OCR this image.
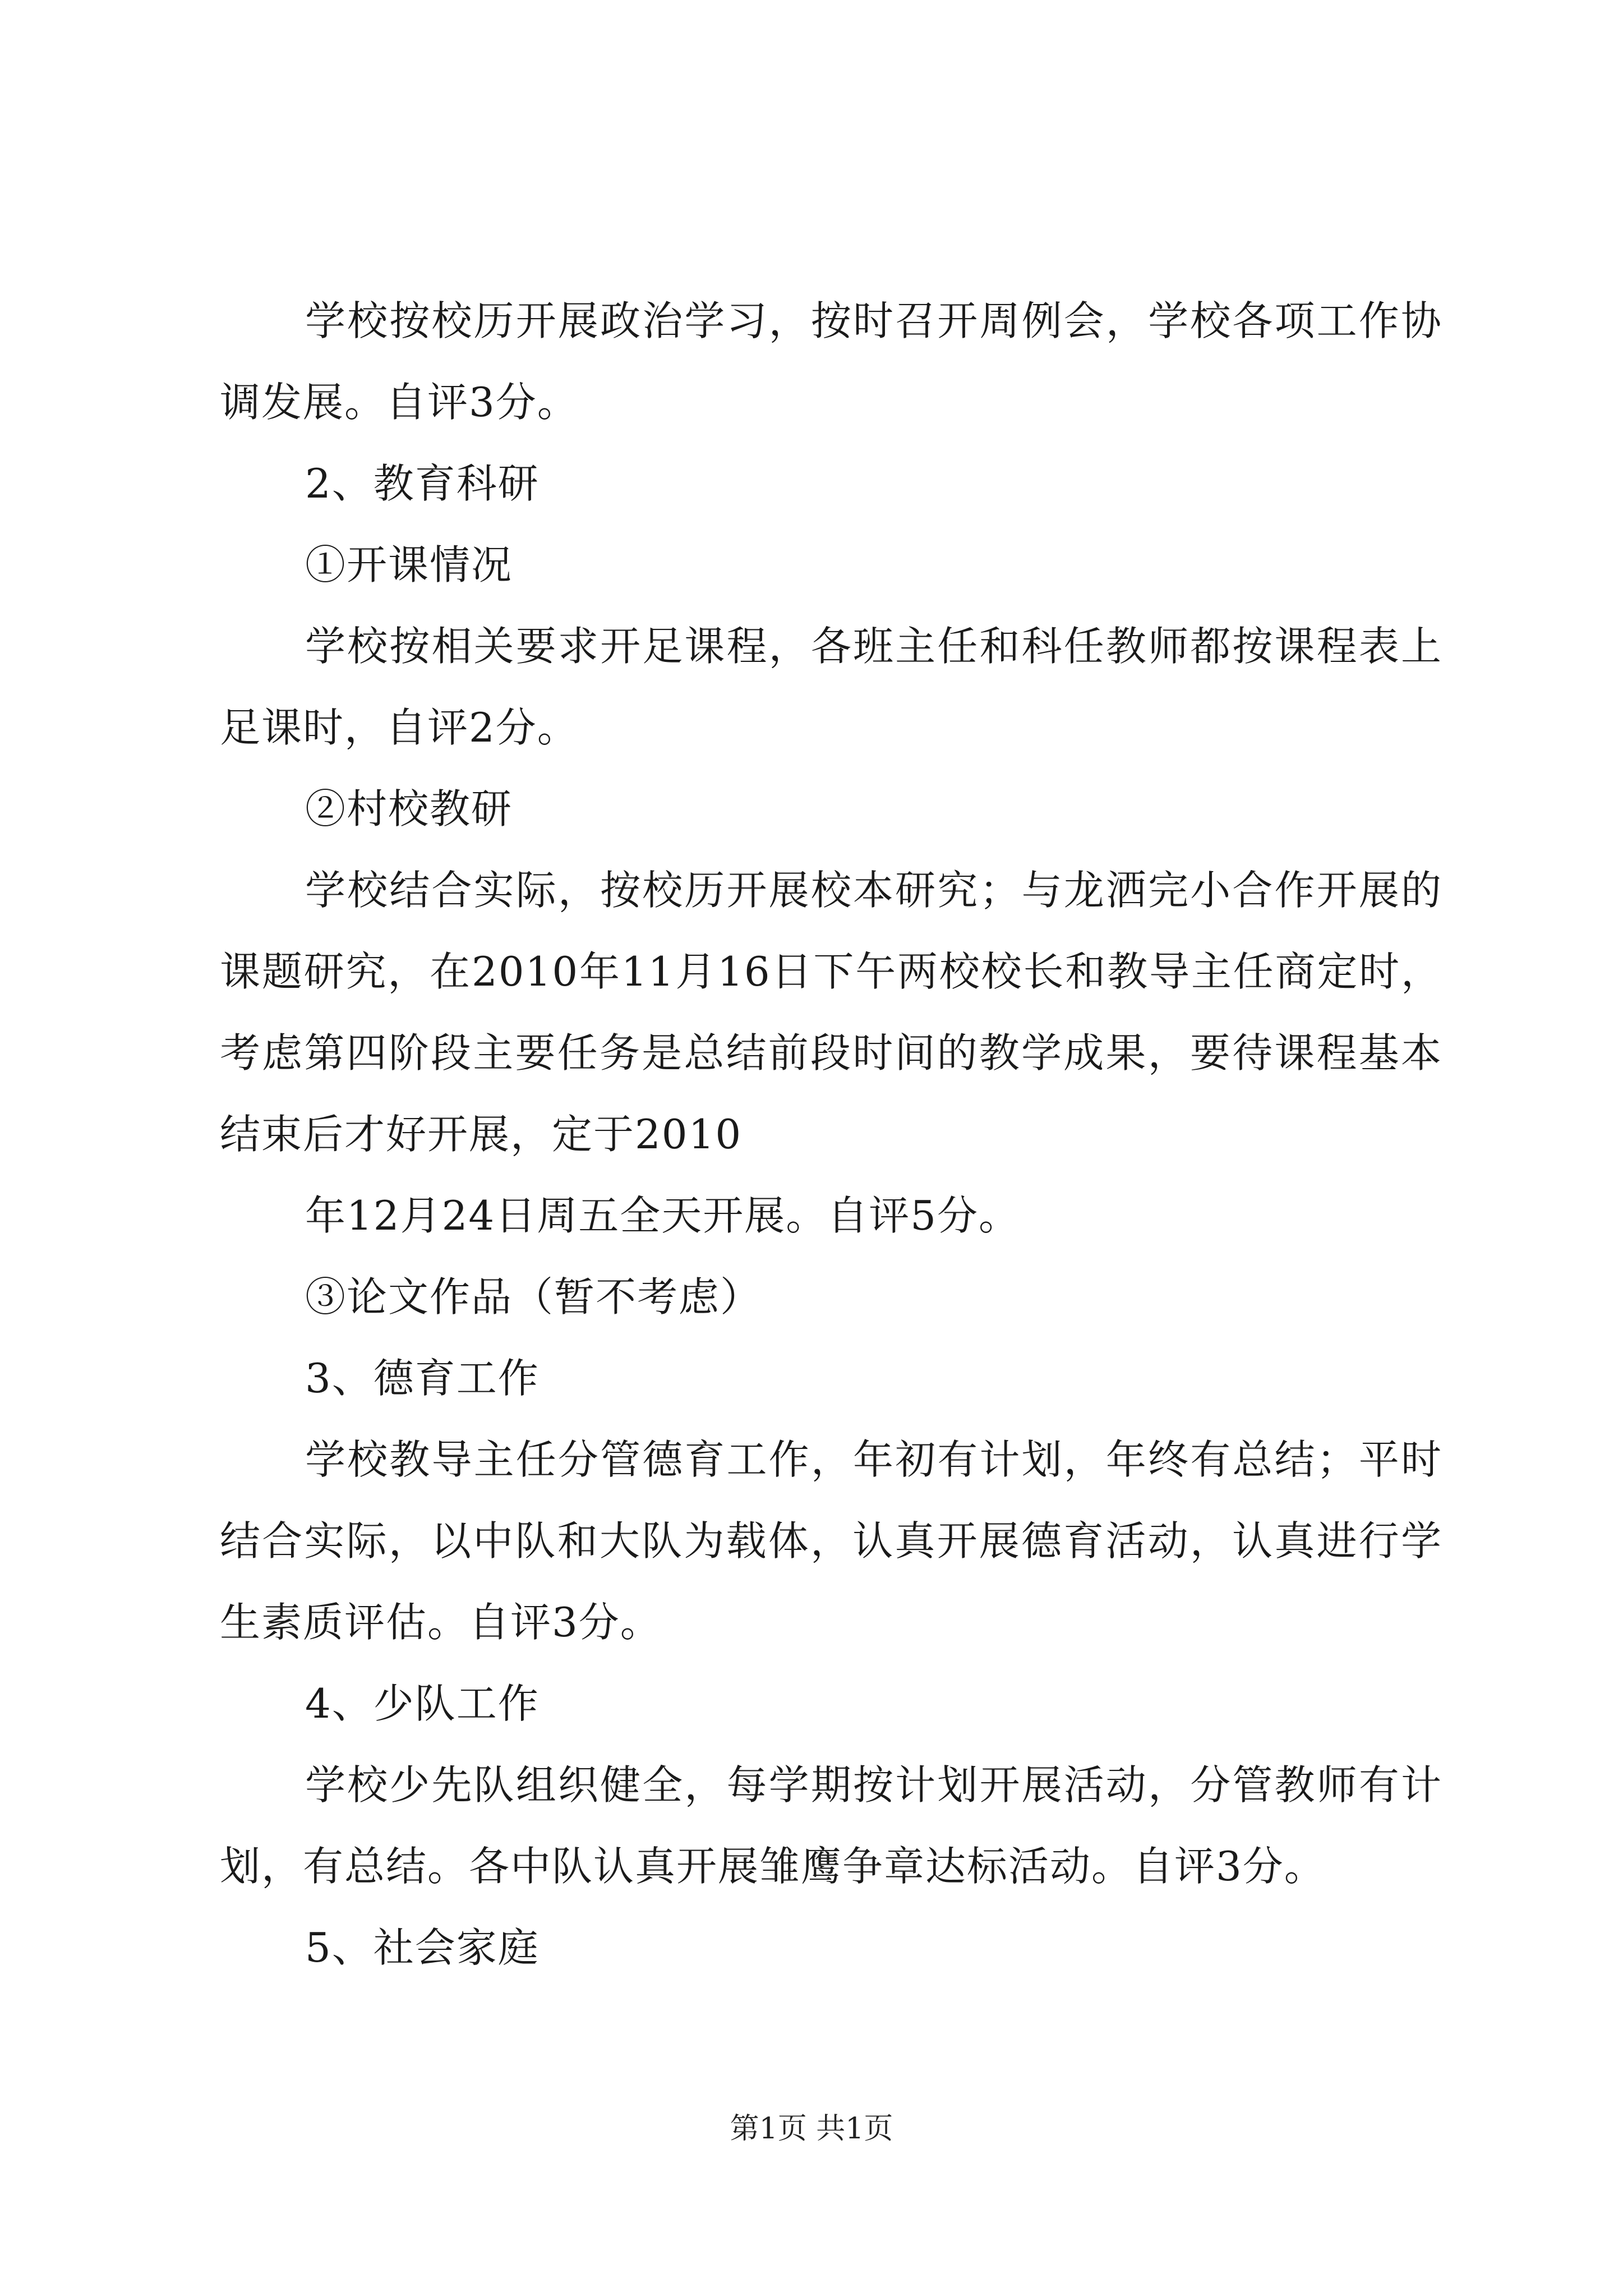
学校按校历开展政治学习，按时召开周例会，学校各项工作协调发展。自评3分。

2、教育科研

①开课情况

学校按相关要求开足课程，各班主任和科任教师都按课程表上足课时，自评2分。

②村校教研

学校结合实际，按校历开展校本研究；与龙洒完小合作开展的课题研究，在2010年11月16日下午两校校长和教导主任商定时，考虑第四阶段主要任务是总结前段时间的教学成果，要待课程基本结束后才好开展，定于2010

年12月24日周五全天开展。自评5分。

③论文作品（暂不考虑）

3、德育工作

学校教导主任分管德育工作，年初有计划，年终有总结；平时结合实际，以中队和大队为载体，认真开展德育活动，认真进行学生素质评估。自评3分。

4、少队工作

学校少先队组织健全，每学期按计划开展活动，分管教师有计划，有总结。各中队认真开展雏鹰争章达标活动。自评3分。

5、社会家庭

第1页 共1页
